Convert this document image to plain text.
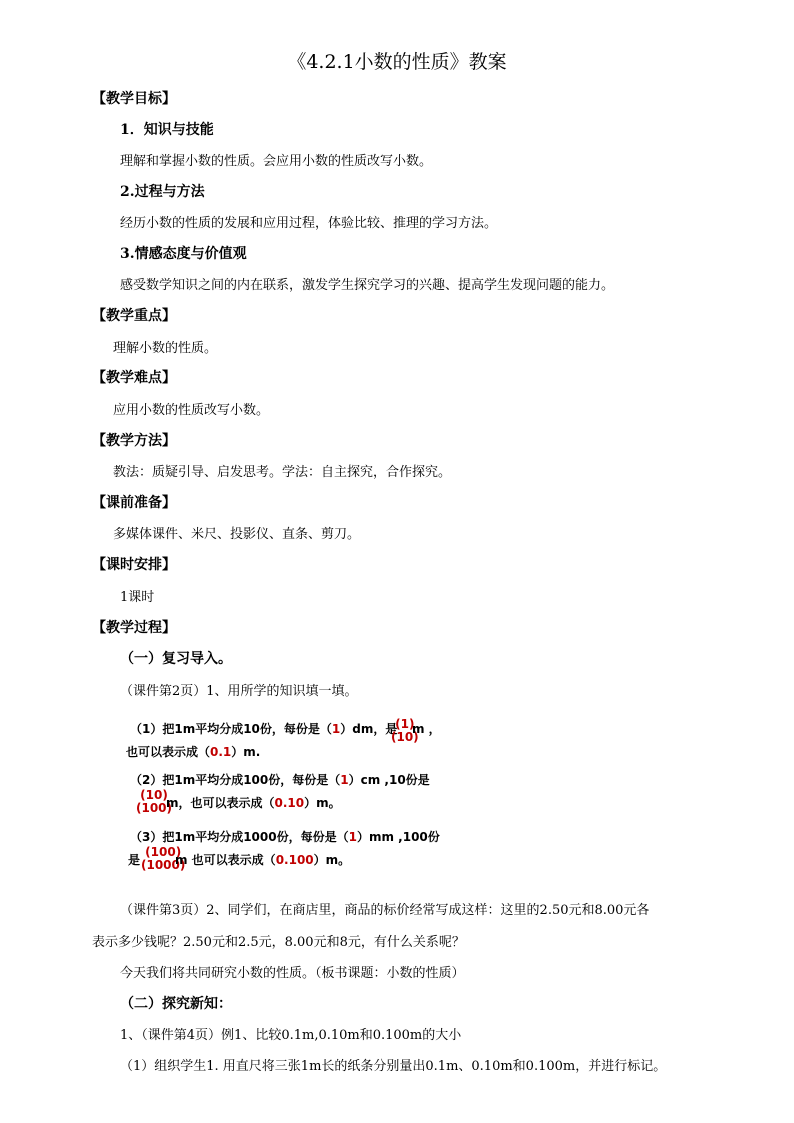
《4.2.1小数的性质》教案
【教学目标】
1．知识与技能
理解和掌握小数的性质。会应用小数的性质改写小数。
2.过程与方法
经历小数的性质的发展和应用过程，体验比较、推理的学习方法。
3.情感态度与价值观
感受数学知识之间的内在联系，激发学生探究学习的兴趣、提高学生发现问题的能力。
【教学重点】
理解小数的性质。
【教学难点】
应用小数的性质改写小数。
【教学方法】
教法：质疑引导、启发思考。学法：自主探究，合作探究。
【课前准备】
多媒体课件、米尺、投影仪、直条、剪刀。
【课时安排】
1课时
【教学过程】
（一）复习导入。
（课件第2页）1、用所学的知识填一填。
（1）把1m平均分成10份，每份是（1）dm，是
(1)
(10)
m ，
也可以表示成（0.1）m.
（2）把1m平均分成100份，每份是（1）cm ,10份是
(10)
(100)
m，也可以表示成（0.10）m。
（3）把1m平均分成1000份，每份是（1）mm ,100份
是
(100)
(1000)
m 也可以表示成（0.100）m。
（课件第3页）2、同学们，在商店里，商品的标价经常写成这样：这里的2.50元和8.00元各
表示多少钱呢？2.50元和2.5元，8.00元和8元，有什么关系呢？
今天我们将共同研究小数的性质。（板书课题：小数的性质）
（二）探究新知：
1、（课件第4页）例1、比较0.1m,0.10m和0.100m的大小
（1）组织学生1. 用直尺将三张1m长的纸条分别量出0.1m、0.10m和0.100m，并进行标记。
